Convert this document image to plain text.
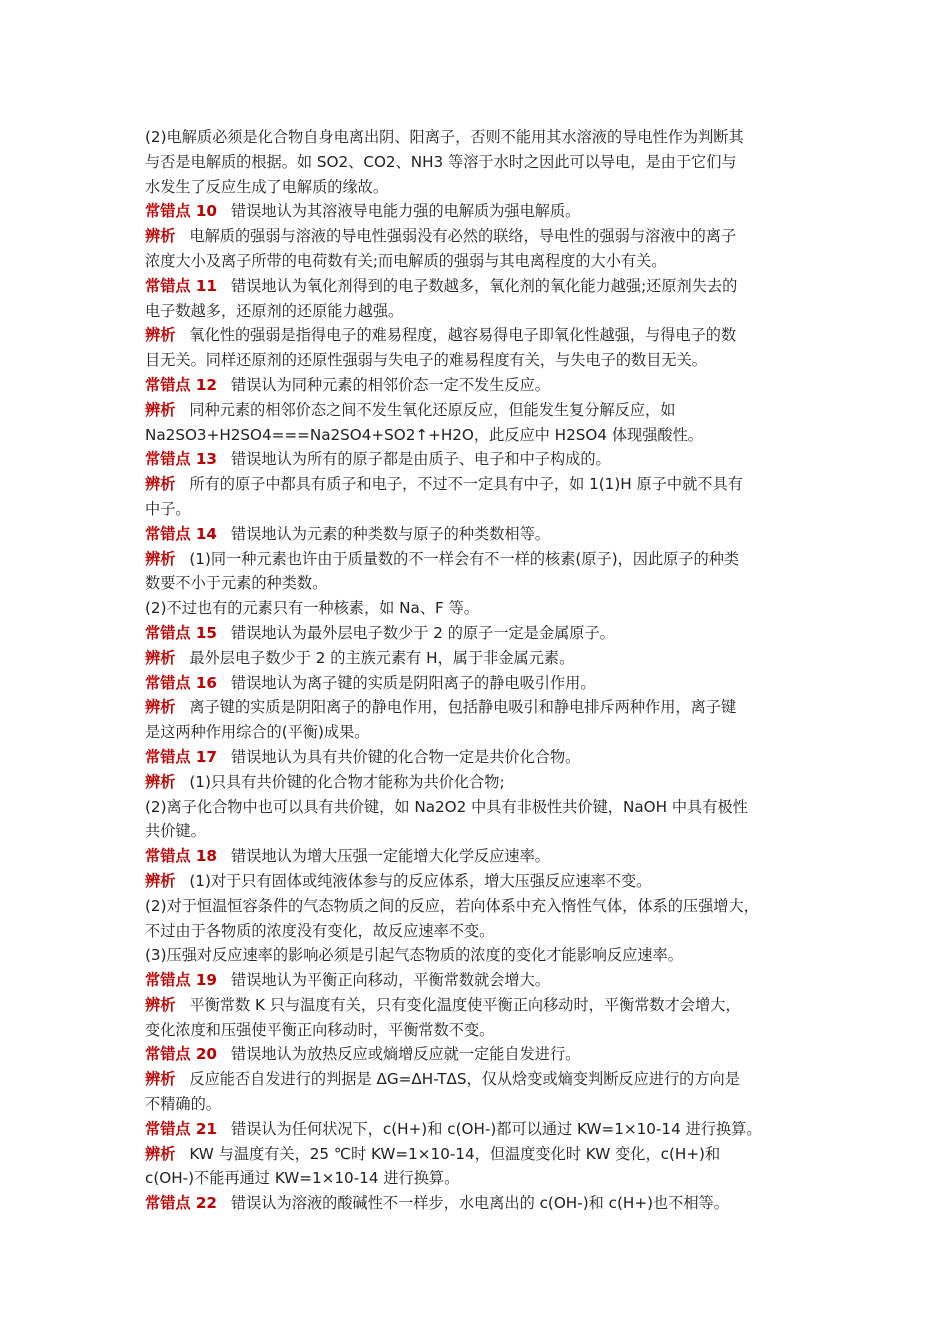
(2)电解质必须是化合物自身电离出阴、阳离子，否则不能用其水溶液的导电性作为判断其
与否是电解质的根据。如 SO2、CO2、NH3 等溶于水时之因此可以导电，是由于它们与
水发生了反应生成了电解质的缘故。
常错点 10 错误地认为其溶液导电能力强的电解质为强电解质。
辨析 电解质的强弱与溶液的导电性强弱没有必然的联络，导电性的强弱与溶液中的离子
浓度大小及离子所带的电荷数有关;而电解质的强弱与其电离程度的大小有关。
常错点 11 错误地认为氧化剂得到的电子数越多，氧化剂的氧化能力越强;还原剂失去的
电子数越多，还原剂的还原能力越强。
辨析 氧化性的强弱是指得电子的难易程度，越容易得电子即氧化性越强，与得电子的数
目无关。同样还原剂的还原性强弱与失电子的难易程度有关，与失电子的数目无关。
常错点 12 错误认为同种元素的相邻价态一定不发生反应。
辨析 同种元素的相邻价态之间不发生氧化还原反应，但能发生复分解反应，如
Na2SO3+H2SO4===Na2SO4+SO2↑+H2O，此反应中 H2SO4 体现强酸性。
常错点 13 错误地认为所有的原子都是由质子、电子和中子构成的。
辨析 所有的原子中都具有质子和电子，不过不一定具有中子，如 1(1)H 原子中就不具有
中子。
常错点 14 错误地认为元素的种类数与原子的种类数相等。
辨析 (1)同一种元素也许由于质量数的不一样会有不一样的核素(原子)，因此原子的种类
数要不小于元素的种类数。
(2)不过也有的元素只有一种核素，如 Na、F 等。
常错点 15 错误地认为最外层电子数少于 2 的原子一定是金属原子。
辨析 最外层电子数少于 2 的主族元素有 H，属于非金属元素。
常错点 16 错误地认为离子键的实质是阴阳离子的静电吸引作用。
辨析 离子键的实质是阴阳离子的静电作用，包括静电吸引和静电排斥两种作用，离子键
是这两种作用综合的(平衡)成果。
常错点 17 错误地认为具有共价键的化合物一定是共价化合物。
辨析 (1)只具有共价键的化合物才能称为共价化合物;
(2)离子化合物中也可以具有共价键，如 Na2O2 中具有非极性共价键，NaOH 中具有极性
共价键。
常错点 18 错误地认为增大压强一定能增大化学反应速率。
辨析 (1)对于只有固体或纯液体参与的反应体系，增大压强反应速率不变。
(2)对于恒温恒容条件的气态物质之间的反应，若向体系中充入惰性气体，体系的压强增大，
不过由于各物质的浓度没有变化，故反应速率不变。
(3)压强对反应速率的影响必须是引起气态物质的浓度的变化才能影响反应速率。
常错点 19 错误地认为平衡正向移动，平衡常数就会增大。
辨析 平衡常数 K 只与温度有关，只有变化温度使平衡正向移动时，平衡常数才会增大，
变化浓度和压强使平衡正向移动时，平衡常数不变。
常错点 20 错误地认为放热反应或熵增反应就一定能自发进行。
辨析 反应能否自发进行的判据是 ΔG=ΔH-TΔS，仅从焓变或熵变判断反应进行的方向是
不精确的。
常错点 21 错误认为任何状况下，c(H+)和 c(OH-)都可以通过 KW=1×10-14 进行换算。
辨析 KW 与温度有关，25 ℃时 KW=1×10-14，但温度变化时 KW 变化，c(H+)和
c(OH-)不能再通过 KW=1×10-14 进行换算。
常错点 22 错误认为溶液的酸碱性不一样步，水电离出的 c(OH-)和 c(H+)也不相等。
